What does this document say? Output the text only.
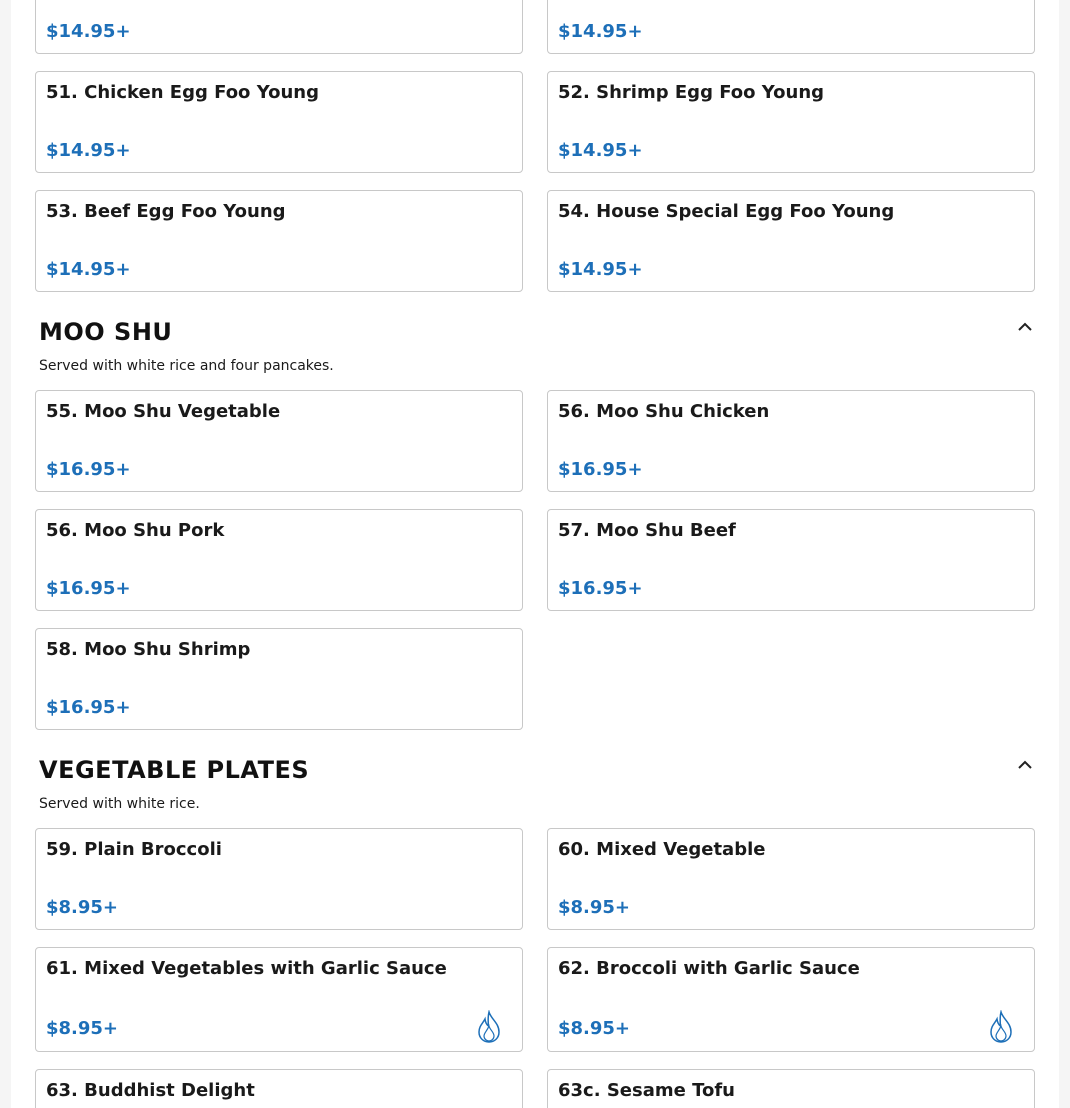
$14.95+	$14.95+
51. Chicken Egg Foo Young
$14.95+
52. Shrimp Egg Foo Young
$14.95+
53. Beef Egg Foo Young
$14.95+
54. House Special Egg Foo Young
$14.95+
MOO SHU
Served with white rice and four pancakes.
55. Moo Shu Vegetable
$16.95+
56. Moo Shu Chicken
$16.95+
56. Moo Shu Pork
$16.95+
57. Moo Shu Beef
$16.95+
58. Moo Shu Shrimp
$16.95+
VEGETABLE PLATES
Served with white rice.
59. Plain Broccoli
$8.95+
60. Mixed Vegetable
$8.95+
61. Mixed Vegetables with Garlic Sauce
$8.95+
62. Broccoli with Garlic Sauce
$8.95+
63. Buddhist Delight	63c. Sesame Tofu
